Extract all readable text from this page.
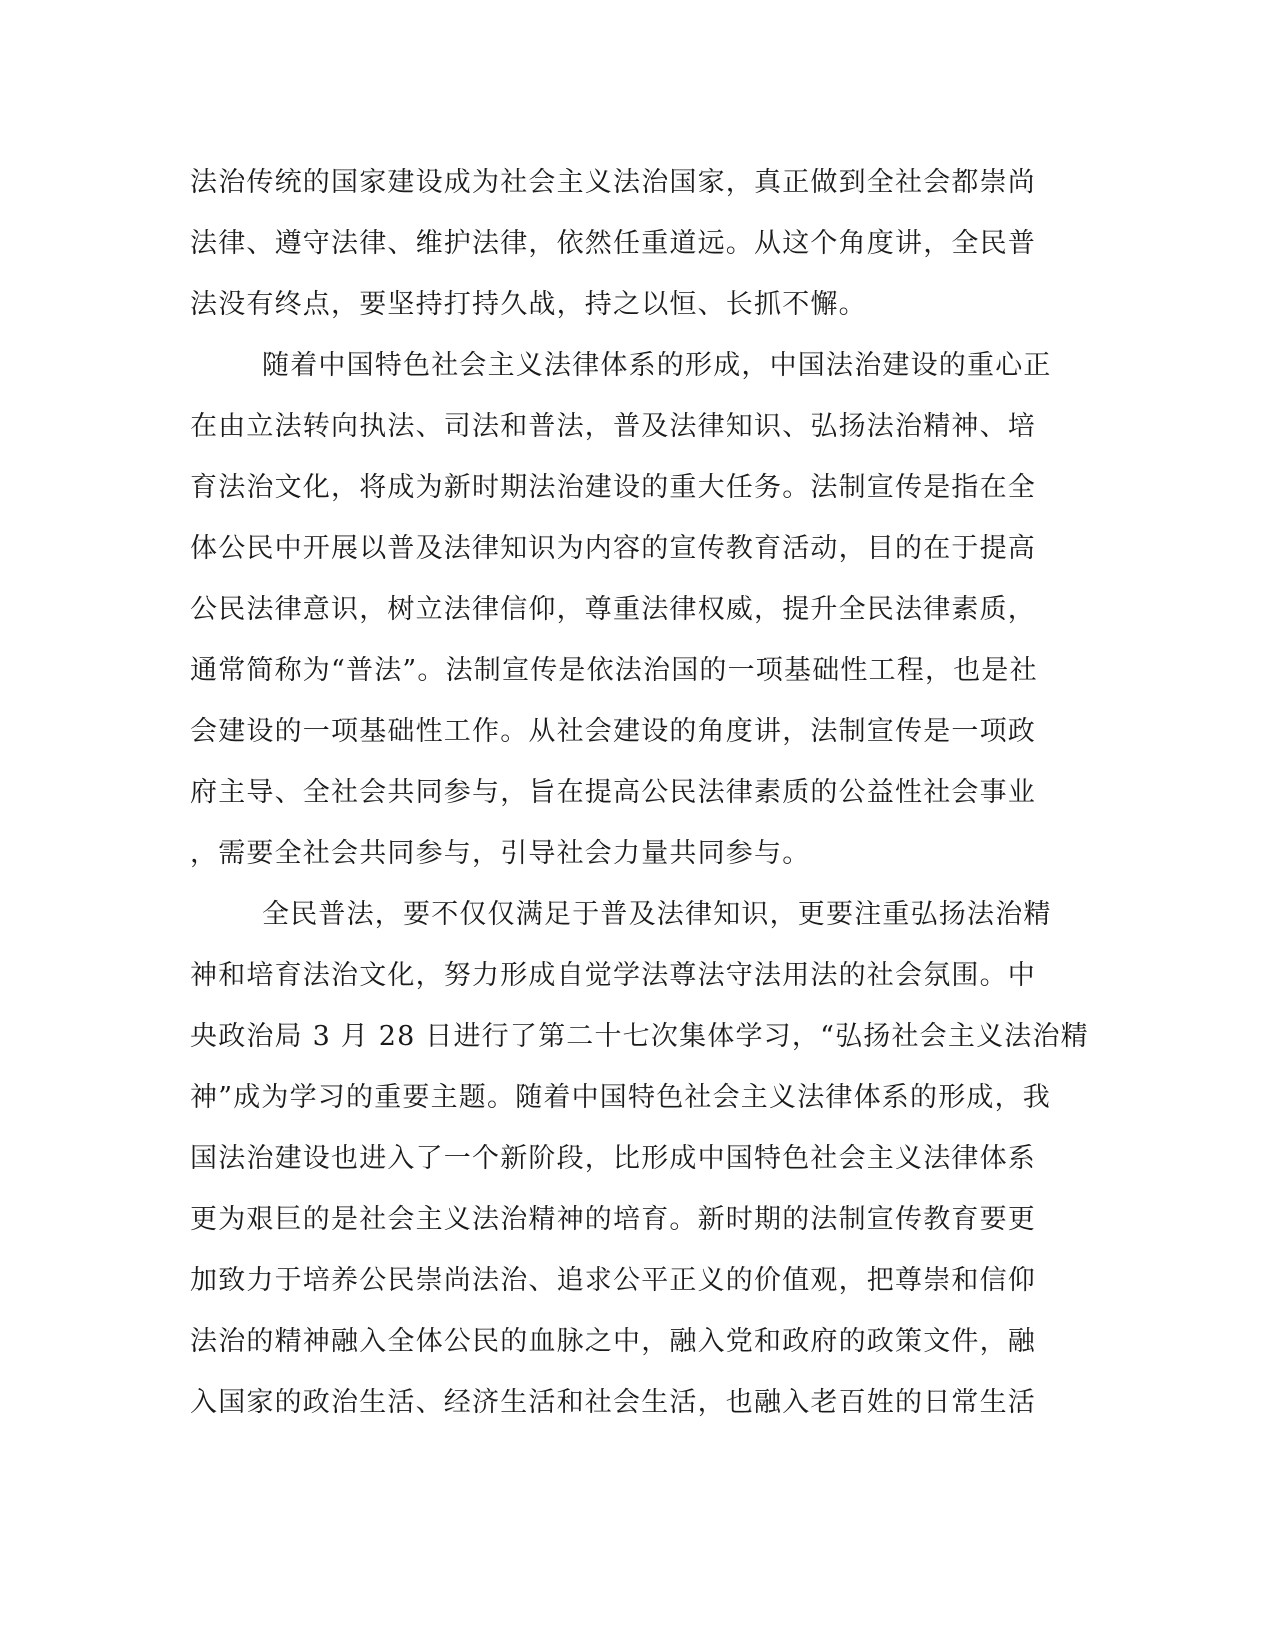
法治传统的国家建设成为社会主义法治国家，真正做到全社会都崇尚
法律、遵守法律、维护法律，依然任重道远。从这个角度讲，全民普
法没有终点，要坚持打持久战，持之以恒、长抓不懈。
随着中国特色社会主义法律体系的形成，中国法治建设的重心正
在由立法转向执法、司法和普法，普及法律知识、弘扬法治精神、培
育法治文化，将成为新时期法治建设的重大任务。法制宣传是指在全
体公民中开展以普及法律知识为内容的宣传教育活动，目的在于提高
公民法律意识，树立法律信仰，尊重法律权威，提升全民法律素质，
通常简称为“普法”。法制宣传是依法治国的一项基础性工程，也是社
会建设的一项基础性工作。从社会建设的角度讲，法制宣传是一项政
府主导、全社会共同参与，旨在提高公民法律素质的公益性社会事业
，需要全社会共同参与，引导社会力量共同参与。
全民普法，要不仅仅满足于普及法律知识，更要注重弘扬法治精
神和培育法治文化，努力形成自觉学法尊法守法用法的社会氛围。中
央政治局 3 月 28 日进行了第二十七次集体学习，“弘扬社会主义法治精
神”成为学习的重要主题。随着中国特色社会主义法律体系的形成，我
国法治建设也进入了一个新阶段，比形成中国特色社会主义法律体系
更为艰巨的是社会主义法治精神的培育。新时期的法制宣传教育要更
加致力于培养公民崇尚法治、追求公平正义的价值观，把尊崇和信仰
法治的精神融入全体公民的血脉之中，融入党和政府的政策文件，融
入国家的政治生活、经济生活和社会生活，也融入老百姓的日常生活
